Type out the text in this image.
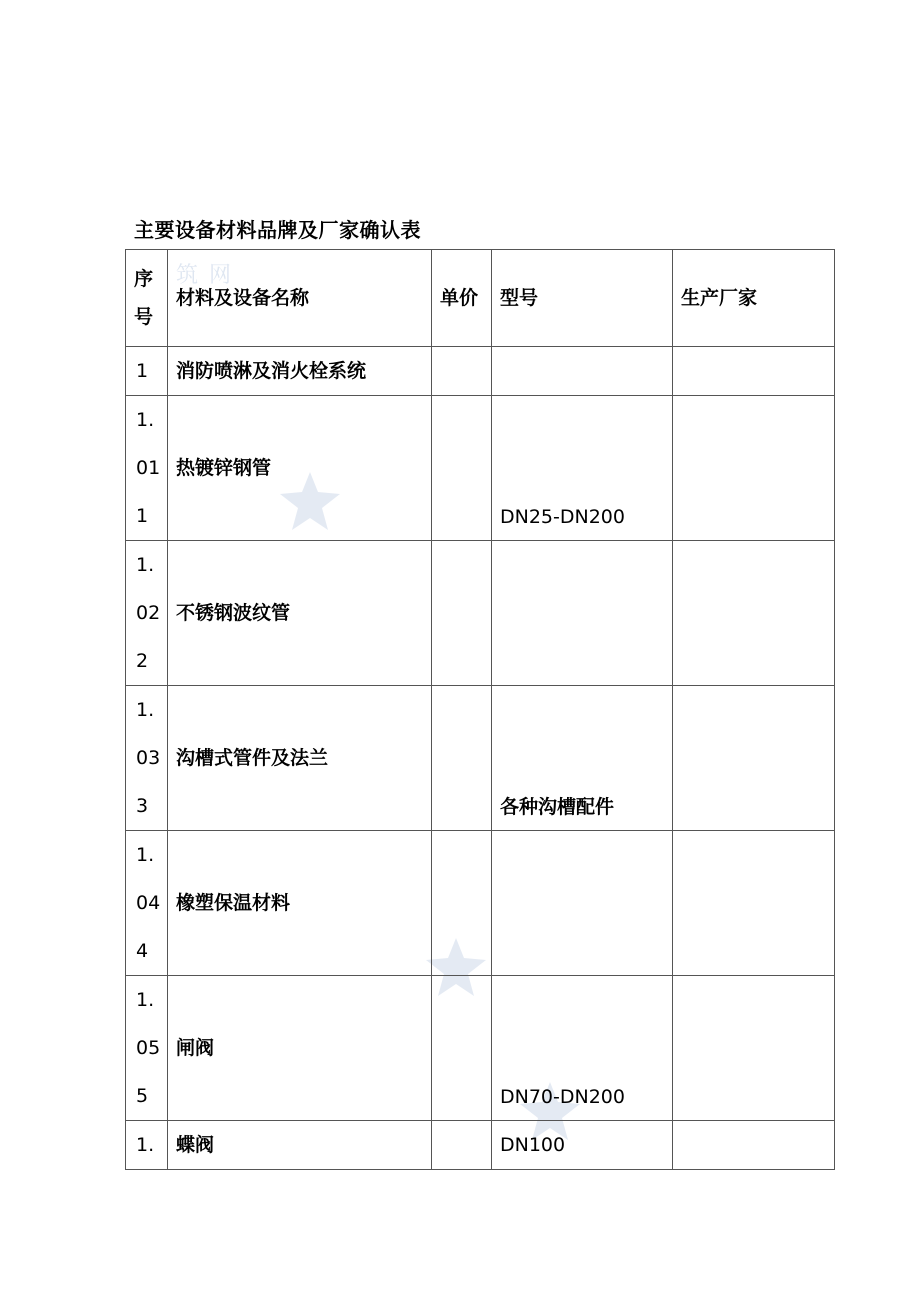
筑 网
主要设备材料品牌及厂家确认表
序
号	材料及设备名称	单价	型号	生产厂家

1	消防喷淋及消火栓系统			

1.
01
1	热镀锌钢管		DN25-DN200	

1.
02
2	不锈钢波纹管		

1.
03
3	沟槽式管件及法兰		各种沟槽配件	

1.
04
4	橡塑保温材料		

1.
05
5	闸阀		DN70-DN200	

1.	蝶阀		DN100	
